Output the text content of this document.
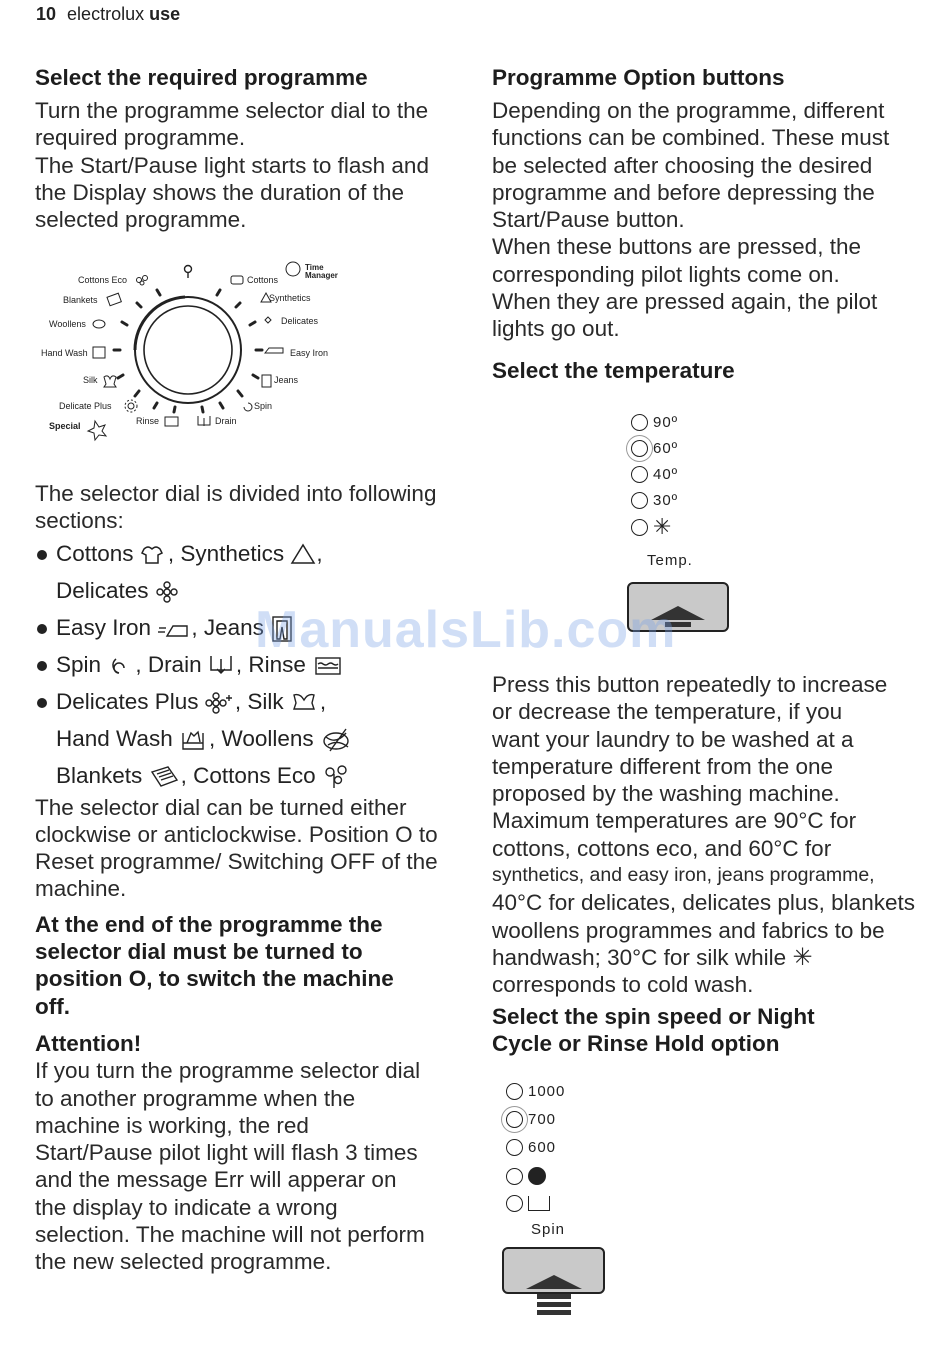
10 electrolux use
Select the required programme

Turn the programme selector dial to the

required programme.

The Start/Pause light starts to flash and

the Display shows the duration of the

selected programme.

Cottons Eco
Blankets
Woollens
Hand Wash
Silk
Delicate Plus
Special	Rinse	Drain
Spin
Jeans
Easy Iron
Delicates
Synthetics
Cottons
Time
Manager

The selector dial is divided into following

sections:

Cottons , Synthetics ,
Delicates
Easy Iron , Jeans
Spin , Drain , Rinse
Delicates Plus , Silk ,
Hand Wash , Woollens
Blankets , Cottons Eco

The selector dial can be turned either

clockwise or anticlockwise. Position O to

Reset programme/ Switching OFF of the

machine.

At the end of the programme the

selector dial must be turned to

position O, to switch the machine

off.

Attention!

If you turn the programme selector dial

to another programme when the

machine is working, the red

Start/Pause pilot light will flash 3 times

and the message Err will apperar on

the display to indicate a wrong

selection. The machine will not perform

the new selected programme.

Programme Option buttons

Depending on the programme, different

functions can be combined. These must

be selected after choosing the desired

programme and before depressing the

Start/Pause button.

When these buttons are pressed, the

corresponding pilot lights come on.

When they are pressed again, the pilot

lights go out.

Select the temperature
90º
60º
40º
30º
✳
Temp.

Press this button repeatedly to increase

or decrease the temperature, if you

want your laundry to be washed at a

temperature different from the one

proposed by the washing machine.

Maximum temperatures are 90°C for

cottons, cottons eco, and 60°C for

synthetics, and easy iron, jeans programme,

40°C for delicates, delicates plus, blankets

woollens programmes and fabrics to be

handwash; 30°C for silk while ✳

corresponds to cold wash.

Select the spin speed or Night
Cycle or Rinse Hold option
1000
700
600
Spin
ManualsLib.com
